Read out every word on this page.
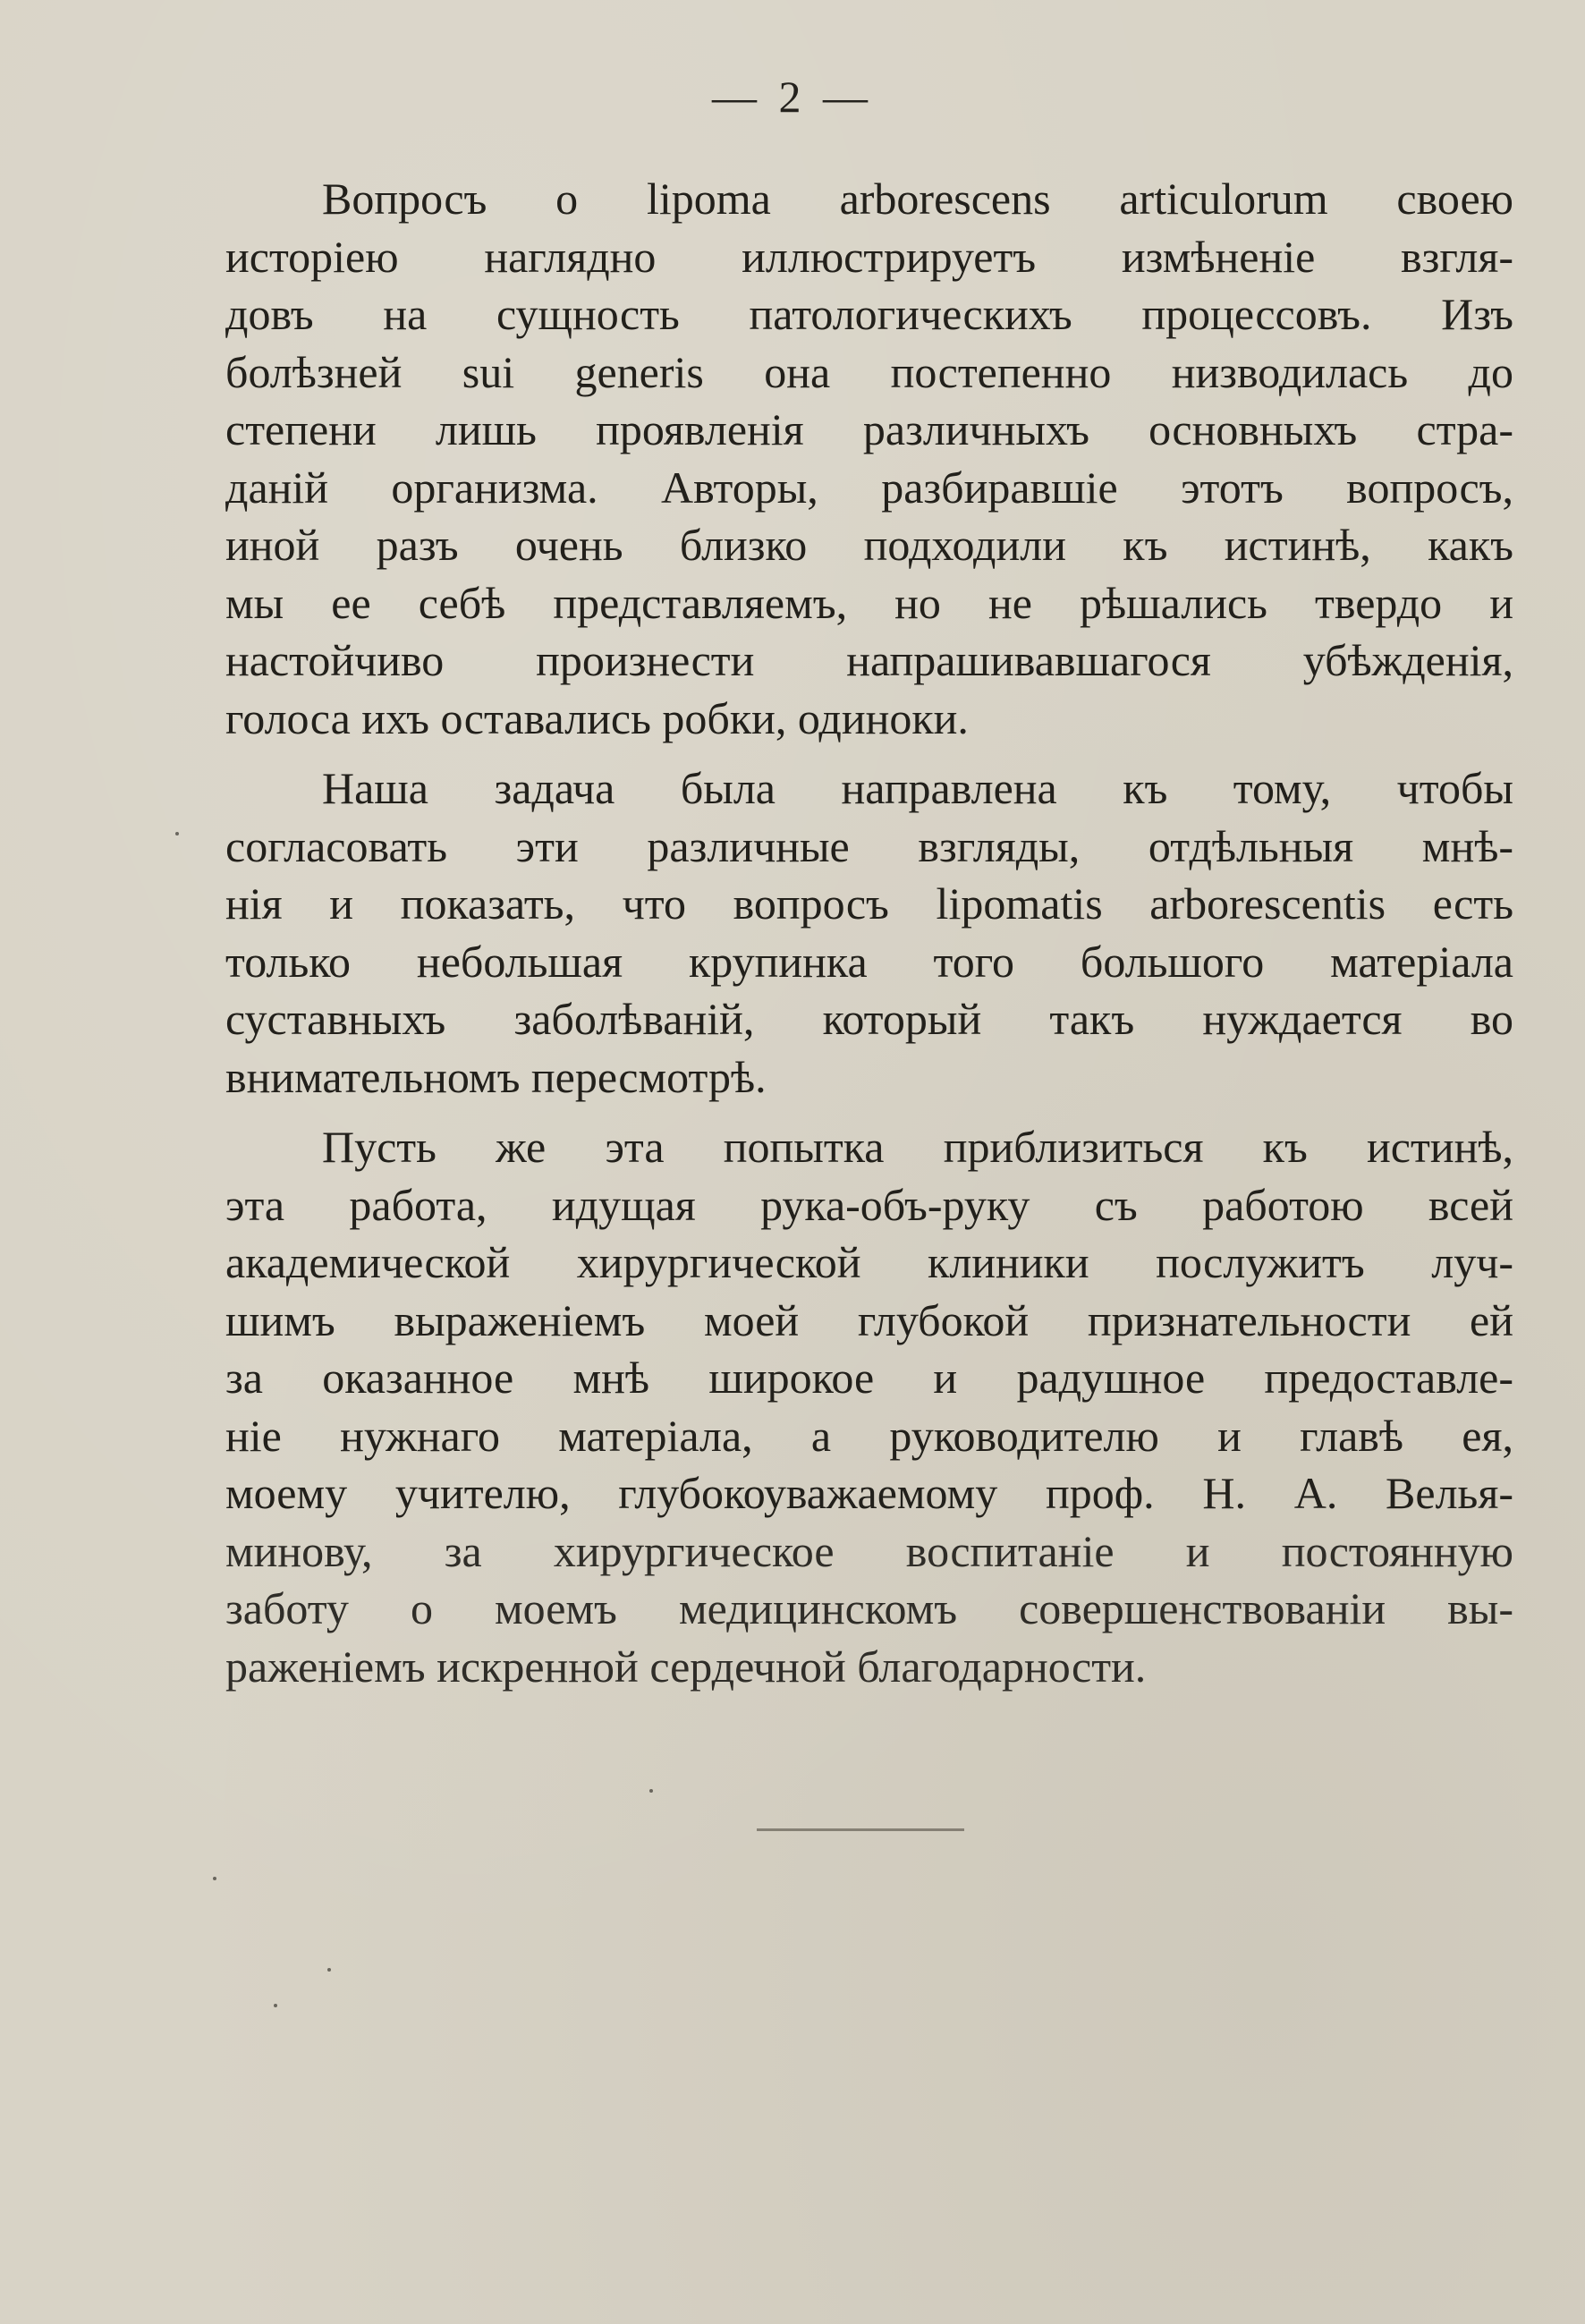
— 2 —
Вопросъ о lipoma arborescens articulorum своею
исторіею наглядно иллюстрируетъ измѣненіе взгля-
довъ на сущность патологическихъ процессовъ. Изъ
болѣзней sui generis она постепенно низводилась до
степени лишь проявленія различныхъ основныхъ стра-
даній организма. Авторы, разбиравшіе этотъ вопросъ,
иной разъ очень близко подходили къ истинѣ, какъ
мы ее себѣ представляемъ, но не рѣшались твердо и
настойчиво произнести напрашивавшагося убѣжденія,
голоса ихъ оставались робки, одиноки.
Наша задача была направлена къ тому, чтобы
согласовать эти различные взгляды, отдѣльныя мнѣ-
нія и показать, что вопросъ lipomatis arborescentis есть
только небольшая крупинка того большого матеріала
суставныхъ заболѣваній, который такъ нуждается во
внимательномъ пересмотрѣ.
Пусть же эта попытка приблизиться къ истинѣ,
эта работа, идущая рука-объ-руку съ работою всей
академической хирургической клиники послужитъ луч-
шимъ выраженіемъ моей глубокой признательности ей
за оказанное мнѣ широкое и радушное предоставле-
ніе нужнаго матеріала, а руководителю и главѣ ея,
моему учителю, глубокоуважаемому проф. Н. А. Велья-
минову, за хирургическое воспитаніе и постоянную
заботу о моемъ медицинскомъ совершенствованіи вы-
раженіемъ искренной сердечной благодарности.
